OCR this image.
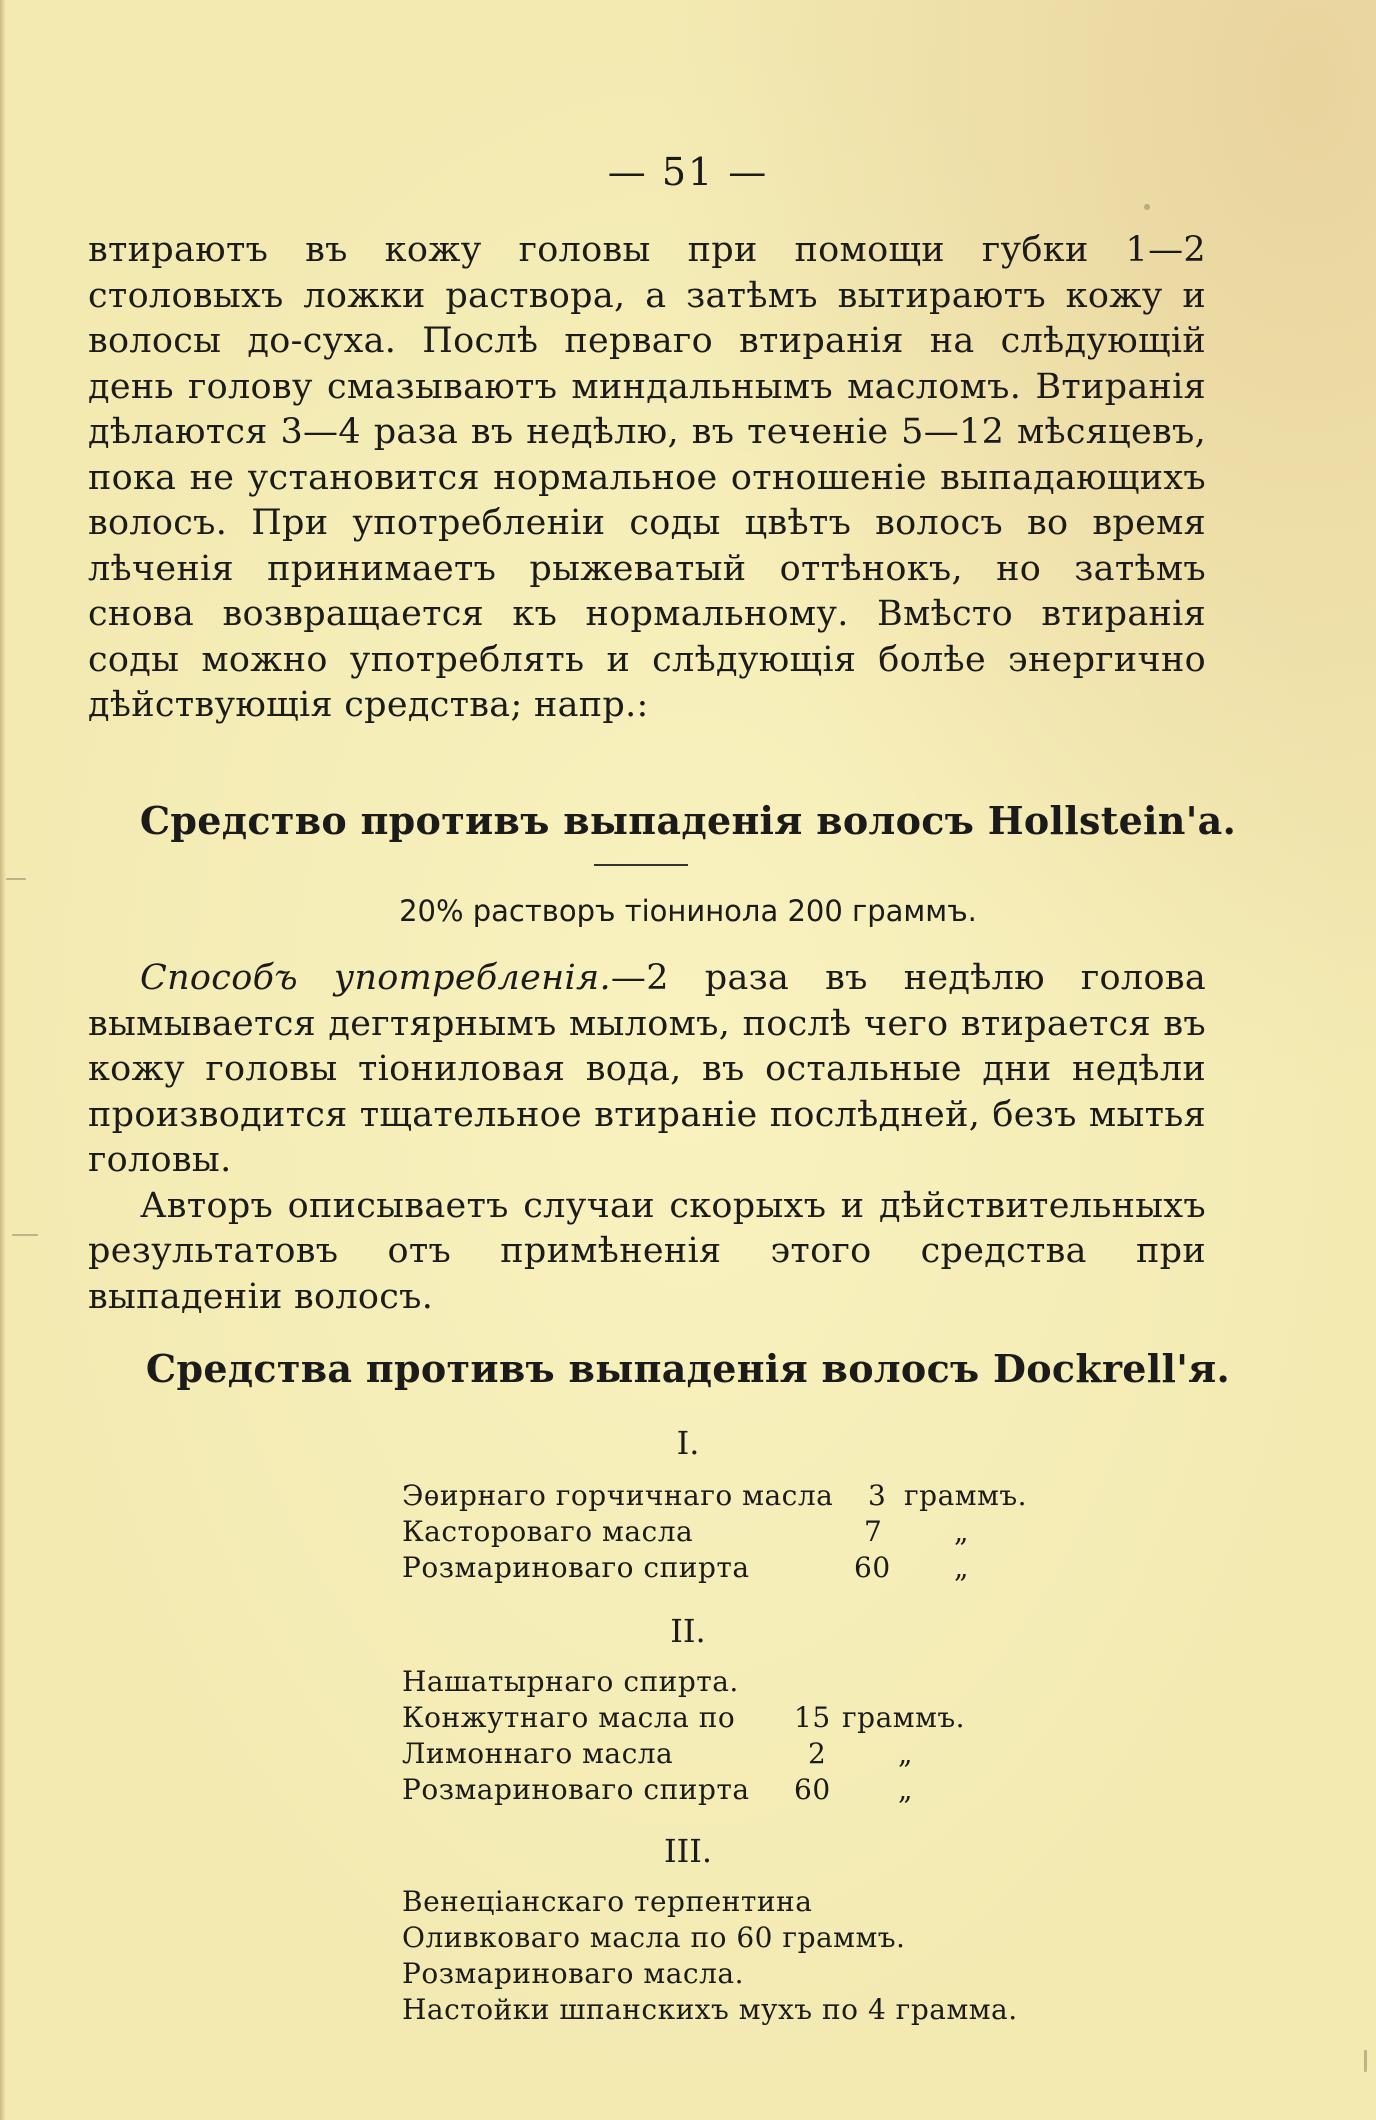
— 51 —
втираютъ въ кожу головы при помощи губки 1—2 столовыхъ ложки раствора, а затѣмъ вытираютъ кожу и волосы до-суха. Послѣ перваго втиранія на слѣдующій день голову смазываютъ миндальнымъ масломъ. Втиранія дѣлаются 3—4 раза въ недѣлю, въ теченіе 5—12 мѣсяцевъ, пока не установится нормальное отношеніе выпадающихъ волосъ. При употребленіи соды цвѣтъ волосъ во время лѣченія принимаетъ рыжеватый оттѣнокъ, но затѣмъ снова возвращается къ нормальному. Вмѣсто втиранія соды можно употреблять и слѣдующія болѣе энергично дѣйствующія средства; напр.:
Средство противъ выпаденія волосъ Hollstein'a.
20% растворъ тіонинола 200 граммъ.
Способъ употребленія.—2 раза въ недѣлю голова вымывается дегтярнымъ мыломъ, послѣ чего втирается въ кожу головы тіониловая вода, въ остальные дни недѣли производится тщательное втираніе послѣдней, безъ мытья головы.
Авторъ описываетъ случаи скорыхъ и дѣйствительныхъ результатовъ отъ примѣненія этого средства при выпаденіи волосъ.
Средства противъ выпаденія волосъ Dockrell'я.
I.
Эѳирнаго горчичнаго масла 3 граммъ.
Касторовaго масла	7	„
Розмариноваго спирта	60 „
II.
Нашатырнаго спирта.
Конжутнаго масла по 15 граммъ.
Лимоннаго масла	2	„
Розмариноваго спирта 60 „
III.
Венеціанскаго терпентина
Оливковаго масла по 60 граммъ.
Розмариноваго масла.
Настойки шпанскихъ мухъ по 4 грамма.
